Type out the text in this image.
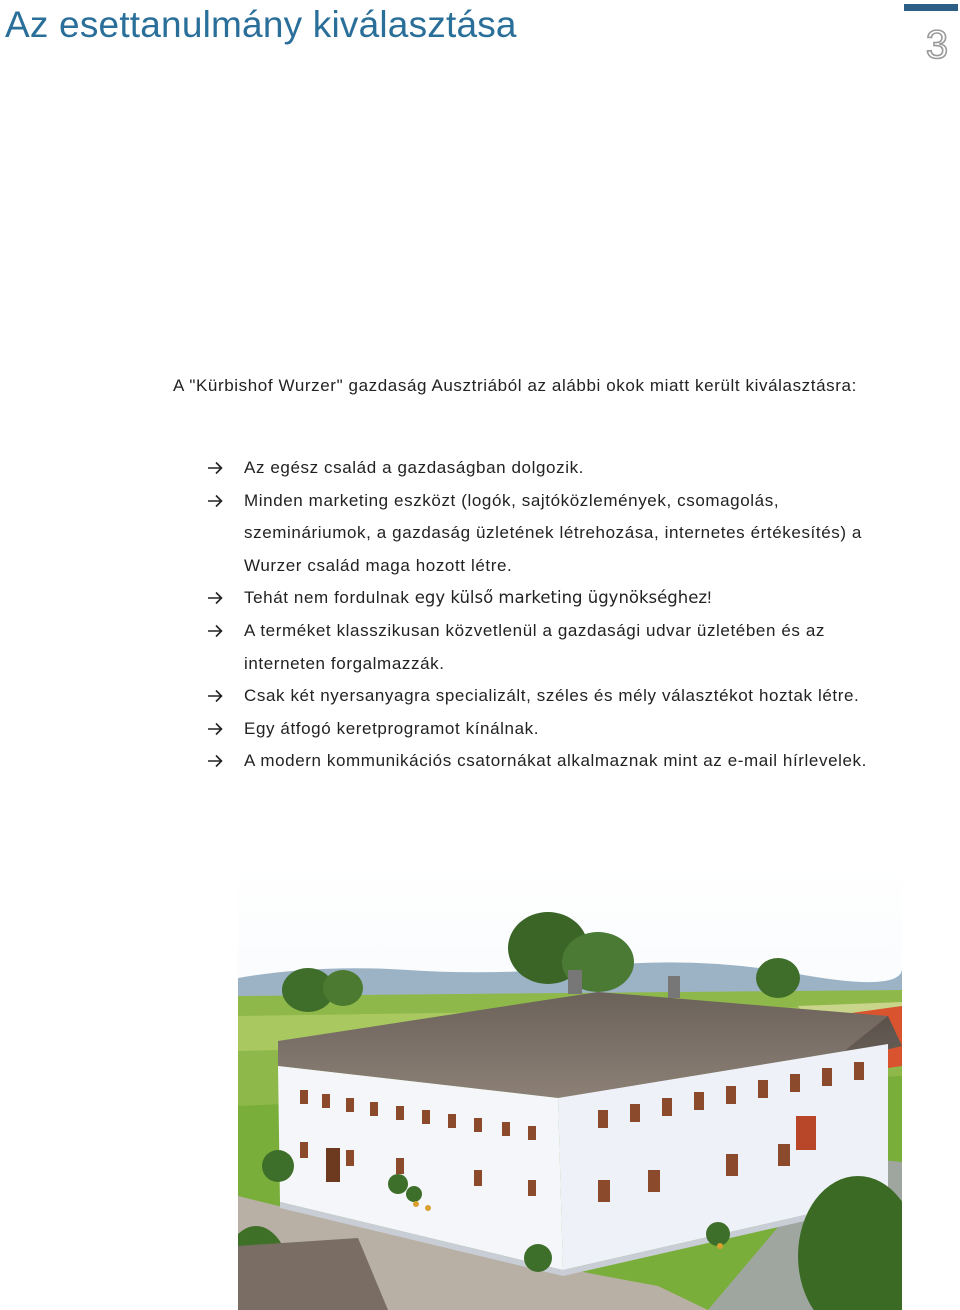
Az esettanulmány kiválasztása	3

A "Kürbishof Wurzer" gazdaság Ausztriából az alábbi okok miatt került kiválasztásra:

Az egész család a gazdaságban dolgozik.
Minden marketing eszközt (logók, sajtóközlemények, csomagolás, szemináriumok, a gazdaság üzletének létrehozása, internetes értékesítés) a Wurzer család maga hozott létre.
Tehát nem fordulnak egy külső marketing ügynökséghez!
A terméket klasszikusan közvetlenül a gazdasági udvar üzletében és az interneten forgalmazzák.
Csak két nyersanyagra specializált, széles és mély választékot hoztak létre.
Egy átfogó keretprogramot kínálnak.
A modern kommunikációs csatornákat alkalmaznak mint az e-mail hírlevelek.
